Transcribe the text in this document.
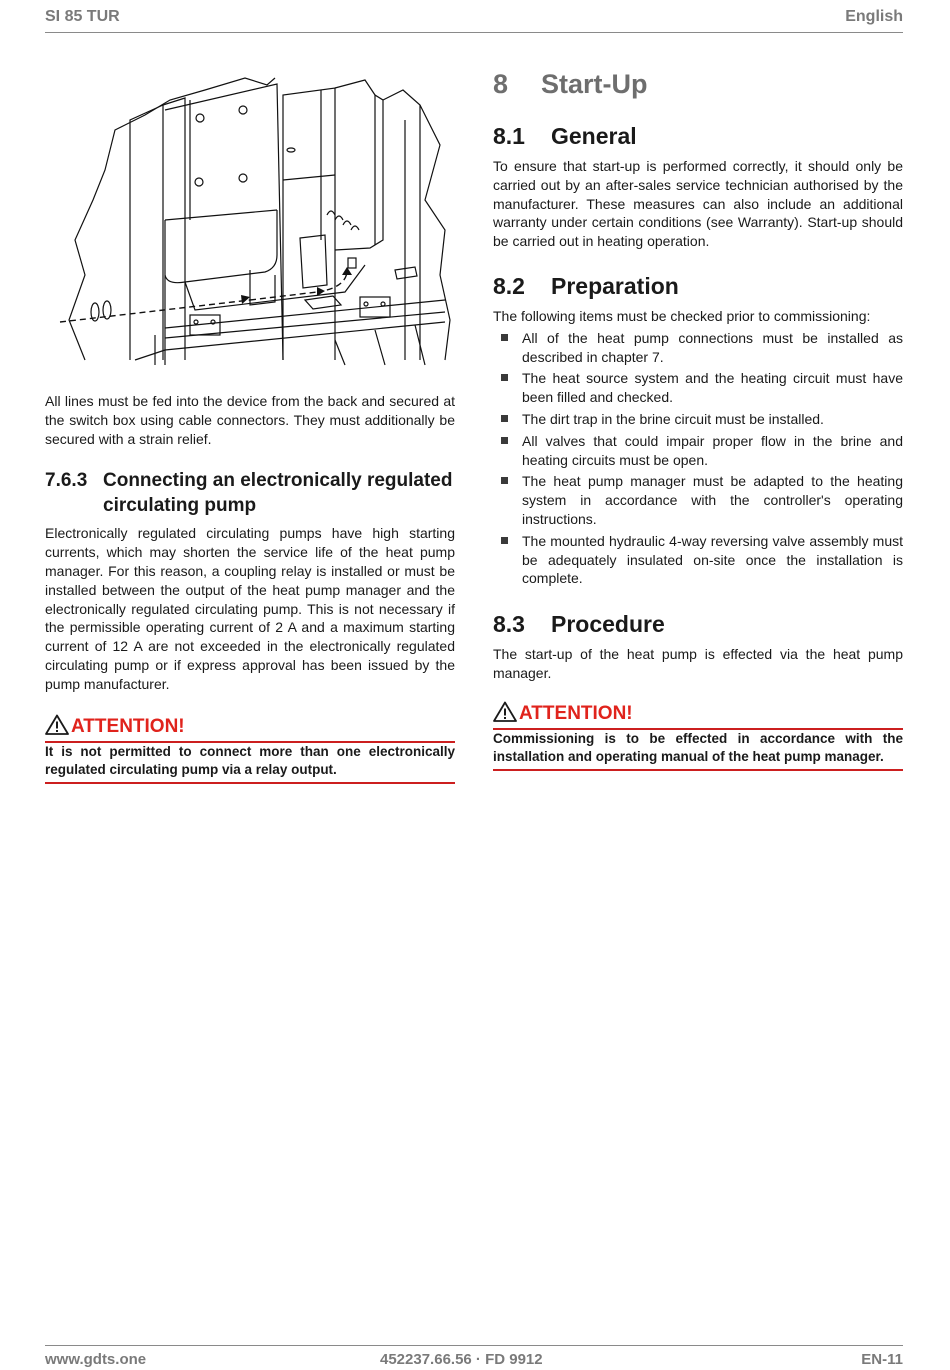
SI 85 TUR	English

All lines must be fed into the device from the back and secured at the switch box using cable connectors. They must additionally be secured with a strain relief.

7.6.3 Connecting an electronically regulated circulating pump

Electronically regulated circulating pumps have high starting currents, which may shorten the service life of the heat pump manager. For this reason, a coupling relay is installed or must be installed between the output of the heat pump manager and the electronically regulated circulating pump. This is not necessary if the permissible operating current of 2 A and a maximum starting current of 12 A are not exceeded in the electronically regulated circulating pump or if express approval has been issued by the pump manufacturer.

ATTENTION!
It is not permitted to connect more than one electronically regulated circulating pump via a relay output.
8 Start-Up
8.1 General

To ensure that start-up is performed correctly, it should only be carried out by an after-sales service technician authorised by the manufacturer. These measures can also include an additional warranty under certain conditions (see Warranty). Start-up should be carried out in heating operation.

8.2 Preparation

The following items must be checked prior to commissioning:

All of the heat pump connections must be installed as described in chapter 7.
The heat source system and the heating circuit must have been filled and checked.
The dirt trap in the brine circuit must be installed.
All valves that could impair proper flow in the brine and heating circuits must be open.
The heat pump manager must be adapted to the heating system in accordance with the controller's operating instructions.
The mounted hydraulic 4-way reversing valve assembly must be adequately insulated on-site once the installation is complete.
8.3 Procedure

The start-up of the heat pump is effected via the heat pump manager.

ATTENTION!
Commissioning is to be effected in accordance with the installation and operating manual of the heat pump manager.
www.gdts.one	452237.66.56 · FD 9912	EN-11
